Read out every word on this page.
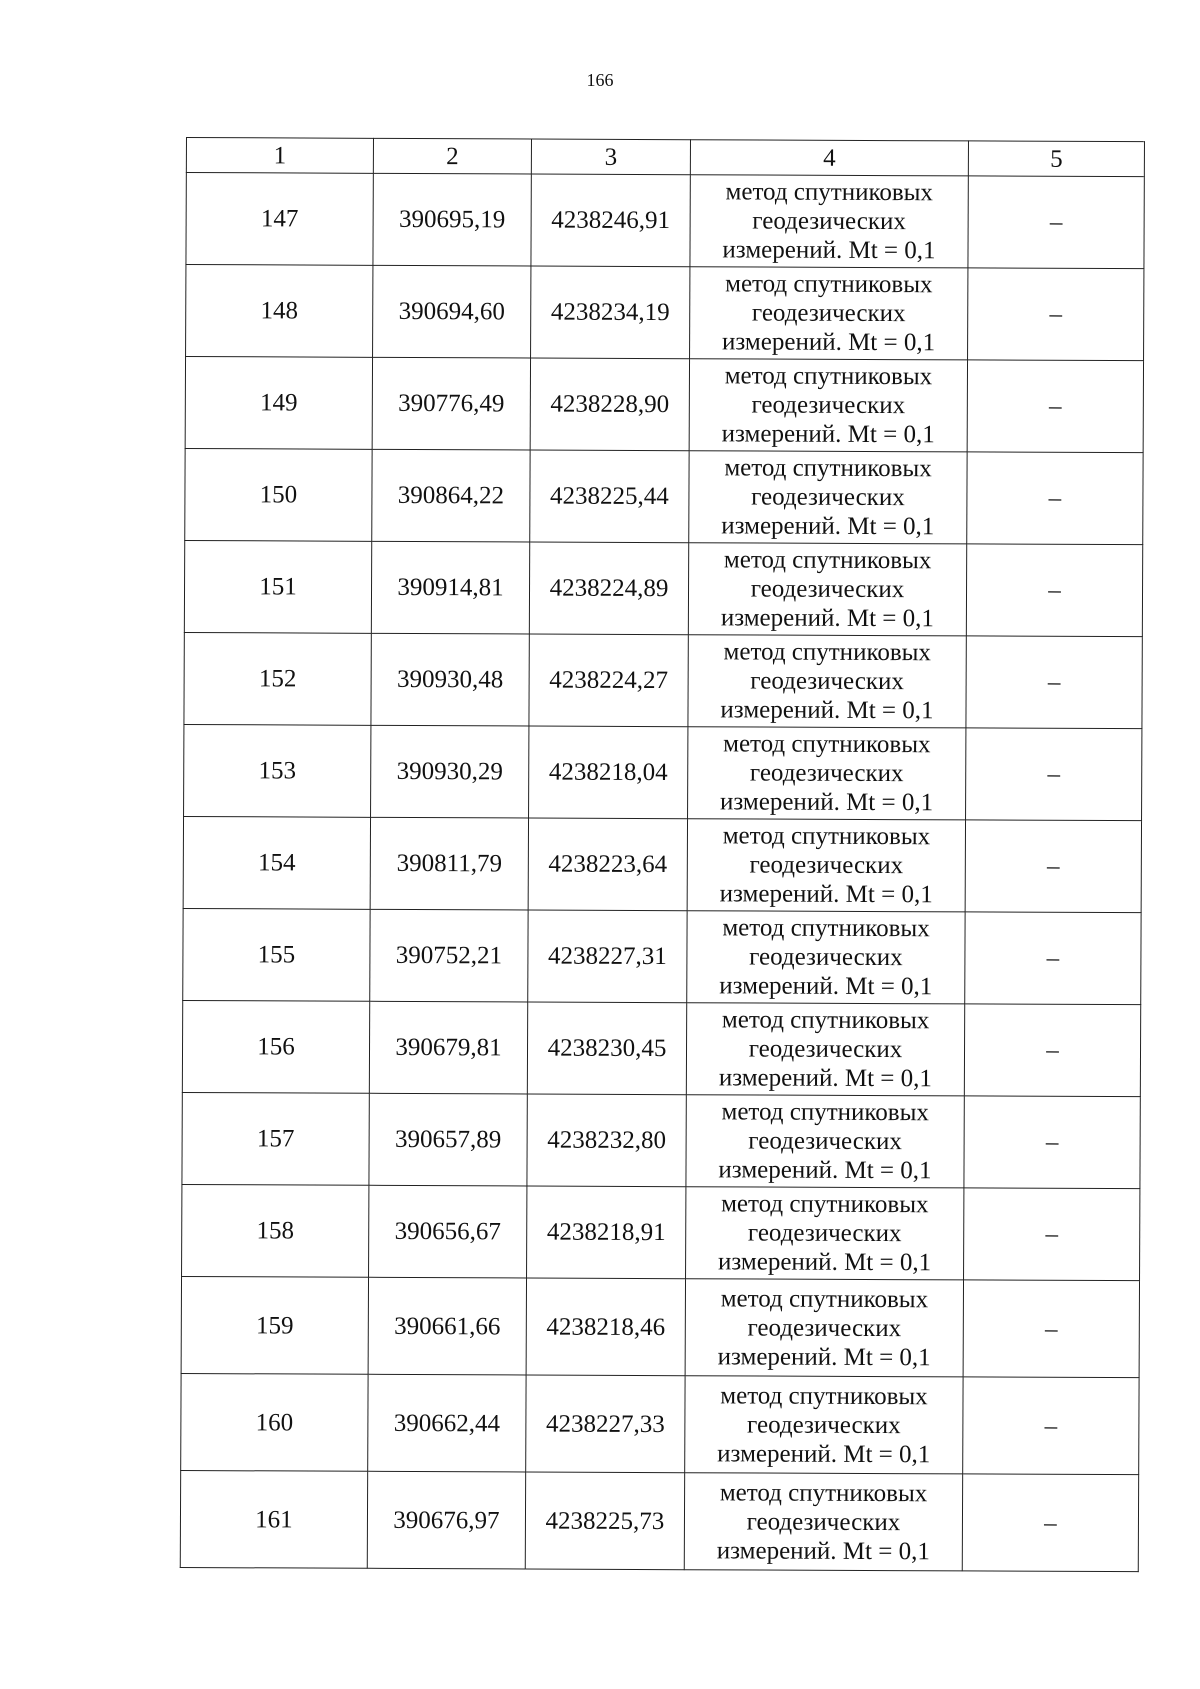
166
1	2	3	4	5
147	390695,19	4238246,91	метод спутниковых
геодезических
измерений. Mt = 0,1	–
148	390694,60	4238234,19	метод спутниковых
геодезических
измерений. Mt = 0,1	–
149	390776,49	4238228,90	метод спутниковых
геодезических
измерений. Mt = 0,1	–
150	390864,22	4238225,44	метод спутниковых
геодезических
измерений. Mt = 0,1	–
151	390914,81	4238224,89	метод спутниковых
геодезических
измерений. Mt = 0,1	–
152	390930,48	4238224,27	метод спутниковых
геодезических
измерений. Mt = 0,1	–
153	390930,29	4238218,04	метод спутниковых
геодезических
измерений. Mt = 0,1	–
154	390811,79	4238223,64	метод спутниковых
геодезических
измерений. Mt = 0,1	–
155	390752,21	4238227,31	метод спутниковых
геодезических
измерений. Mt = 0,1	–
156	390679,81	4238230,45	метод спутниковых
геодезических
измерений. Mt = 0,1	–
157	390657,89	4238232,80	метод спутниковых
геодезических
измерений. Mt = 0,1	–
158	390656,67	4238218,91	метод спутниковых
геодезических
измерений. Mt = 0,1	–
159	390661,66	4238218,46	метод спутниковых
геодезических
измерений. Mt = 0,1	–
160	390662,44	4238227,33	метод спутниковых
геодезических
измерений. Mt = 0,1	–
161	390676,97	4238225,73	метод спутниковых
геодезических
измерений. Mt = 0,1	–
